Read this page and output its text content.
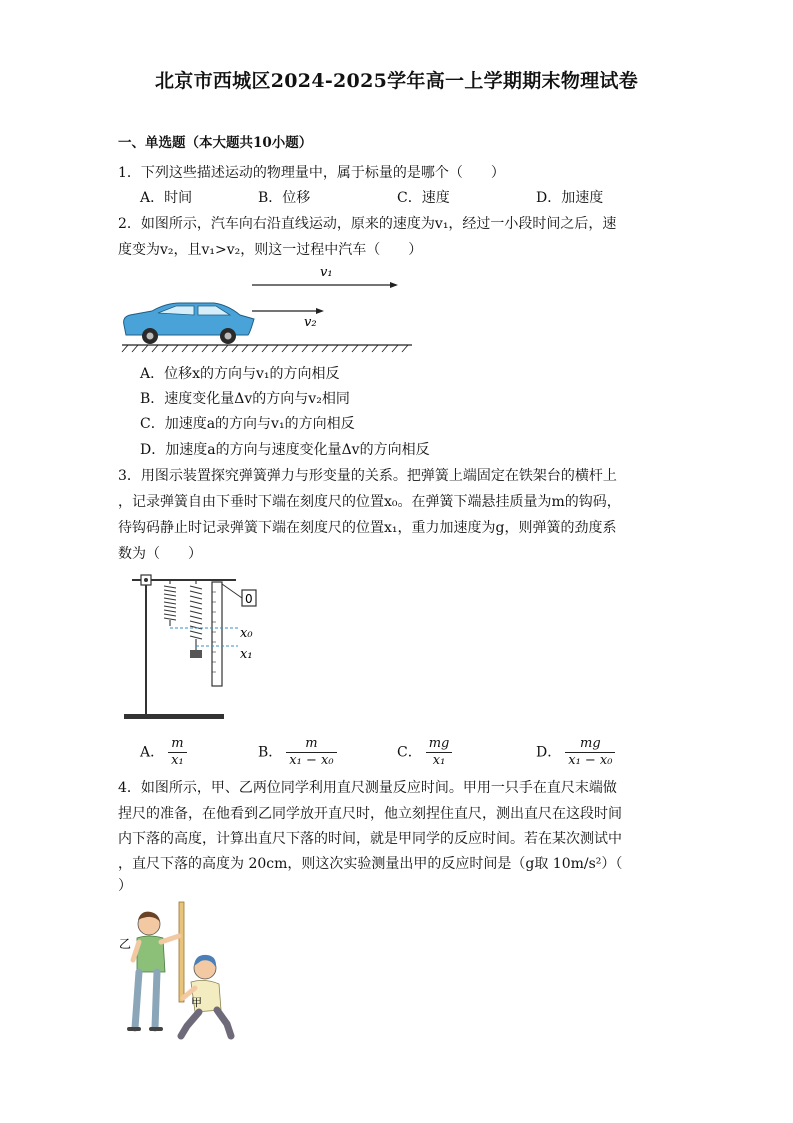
北京市西城区2024-2025学年高一上学期期末物理试卷
一、单选题（本大题共10小题）
1．下列这些描述运动的物理量中，属于标量的是哪个（　　）
A．时间	B．位移	C．速度	D．加速度
2．如图所示，汽车向右沿直线运动，原来的速度为v₁，经过一小段时间之后，速
度变为v₂，且v₁>v₂，则这一过程中汽车（　　）
v₁
v₂
A．位移x的方向与v₁的方向相反
B．速度变化量Δv的方向与v₂相同
C．加速度a的方向与v₁的方向相反
D．加速度a的方向与速度变化量Δv的方向相反
3．用图示装置探究弹簧弹力与形变量的关系。把弹簧上端固定在铁架台的横杆上
，记录弹簧自由下垂时下端在刻度尺的位置x₀。在弹簧下端悬挂质量为m的钩码，
待钩码静止时记录弹簧下端在刻度尺的位置x₁，重力加速度为g，则弹簧的劲度系
数为（　　）
0
x₀
x₁
A． $\frac{m}{\text{x₁}}$	B． $\frac{m}{\text{x₁ − x₀}}$	C． $\frac{mg}{\text{x₁}}$	D． $\frac{mg}{\text{x₁ − x₀}}$
4．如图所示，甲、乙两位同学利用直尺测量反应时间。甲用一只手在直尺末端做
捏尺的准备，在他看到乙同学放开直尺时，他立刻捏住直尺，测出直尺在这段时间
内下落的高度，计算出直尺下落的时间，就是甲同学的反应时间。若在某次测试中
，直尺下落的高度为 20cm，则这次实验测量出甲的反应时间是（g取 10m/s²）（
）
乙
甲
